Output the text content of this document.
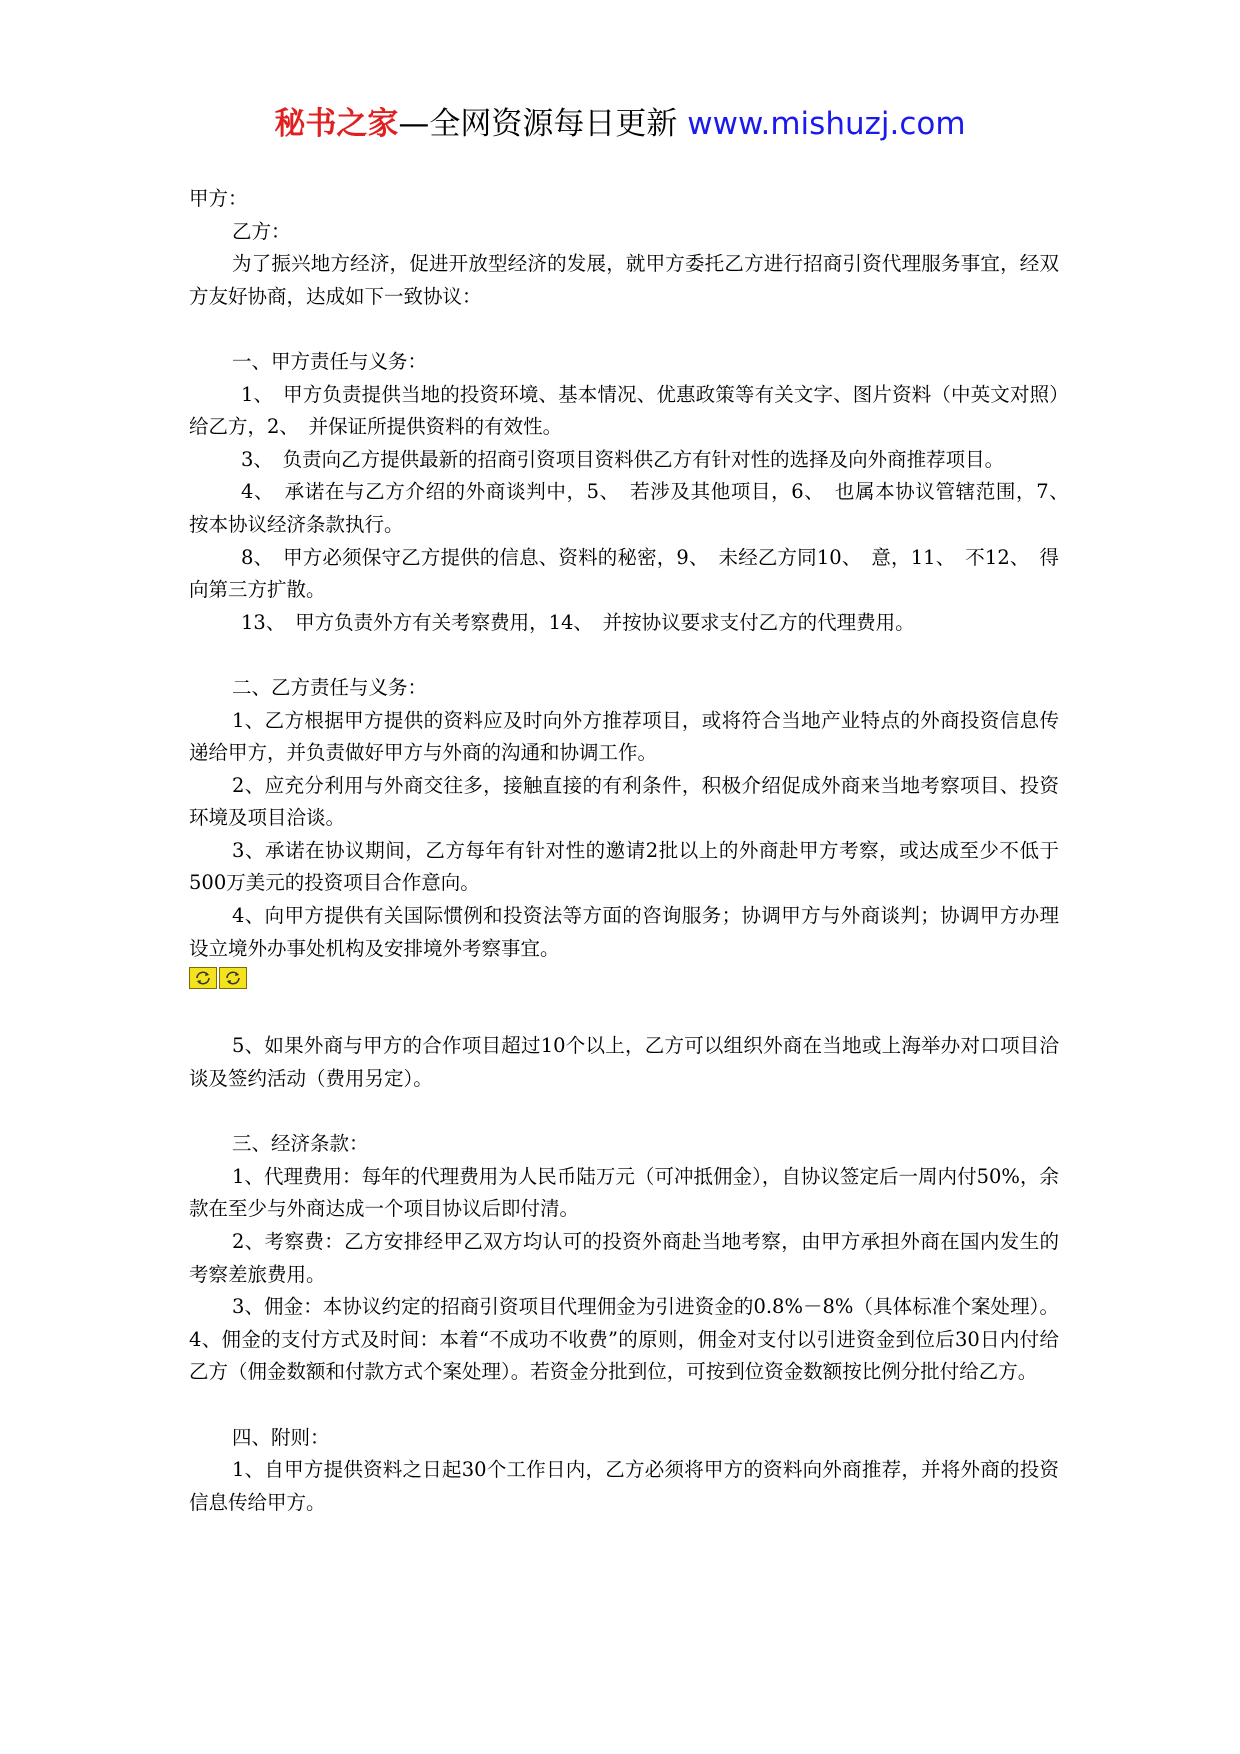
秘书之家—全网资源每日更新 www.mishuzj.com

甲方：

乙方：

为了振兴地方经济，促进开放型经济的发展，就甲方委托乙方进行招商引资代理服务事宜，经双方友好协商，达成如下一致协议：

一、甲方责任与义务：

1、　甲方负责提供当地的投资环境、基本情况、优惠政策等有关文字、图片资料（中英文对照）给乙方，2、　并保证所提供资料的有效性。

3、　负责向乙方提供最新的招商引资项目资料供乙方有针对性的选择及向外商推荐项目。

4、　承诺在与乙方介绍的外商谈判中，5、　若涉及其他项目，6、　也属本协议管辖范围，7、　按本协议经济条款执行。

8、　甲方必须保守乙方提供的信息、资料的秘密，9、　未经乙方同10、　意，11、　不12、　得向第三方扩散。

13、　甲方负责外方有关考察费用，14、　并按协议要求支付乙方的代理费用。

二、乙方责任与义务：

1、乙方根据甲方提供的资料应及时向外方推荐项目，或将符合当地产业特点的外商投资信息传递给甲方，并负责做好甲方与外商的沟通和协调工作。

2、应充分利用与外商交往多，接触直接的有利条件，积极介绍促成外商来当地考察项目、投资环境及项目洽谈。

3、承诺在协议期间，乙方每年有针对性的邀请2批以上的外商赴甲方考察，或达成至少不低于500万美元的投资项目合作意向。

4、向甲方提供有关国际惯例和投资法等方面的咨询服务；协调甲方与外商谈判；协调甲方办理设立境外办事处机构及安排境外考察事宜。

5、如果外商与甲方的合作项目超过10个以上，乙方可以组织外商在当地或上海举办对口项目洽谈及签约活动（费用另定）。

三、经济条款：

1、代理费用：每年的代理费用为人民币陆万元（可冲抵佣金），自协议签定后一周内付50%，余款在至少与外商达成一个项目协议后即付清。

2、考察费：乙方安排经甲乙双方均认可的投资外商赴当地考察，由甲方承担外商在国内发生的考察差旅费用。

3、佣金：本协议约定的招商引资项目代理佣金为引进资金的0.8%－8%（具体标准个案处理）。4、佣金的支付方式及时间：本着“不成功不收费”的原则，佣金对支付以引进资金到位后30日内付给乙方（佣金数额和付款方式个案处理）。若资金分批到位，可按到位资金数额按比例分批付给乙方。

四、附则：

1、自甲方提供资料之日起30个工作日内，乙方必须将甲方的资料向外商推荐，并将外商的投资信息传给甲方。
